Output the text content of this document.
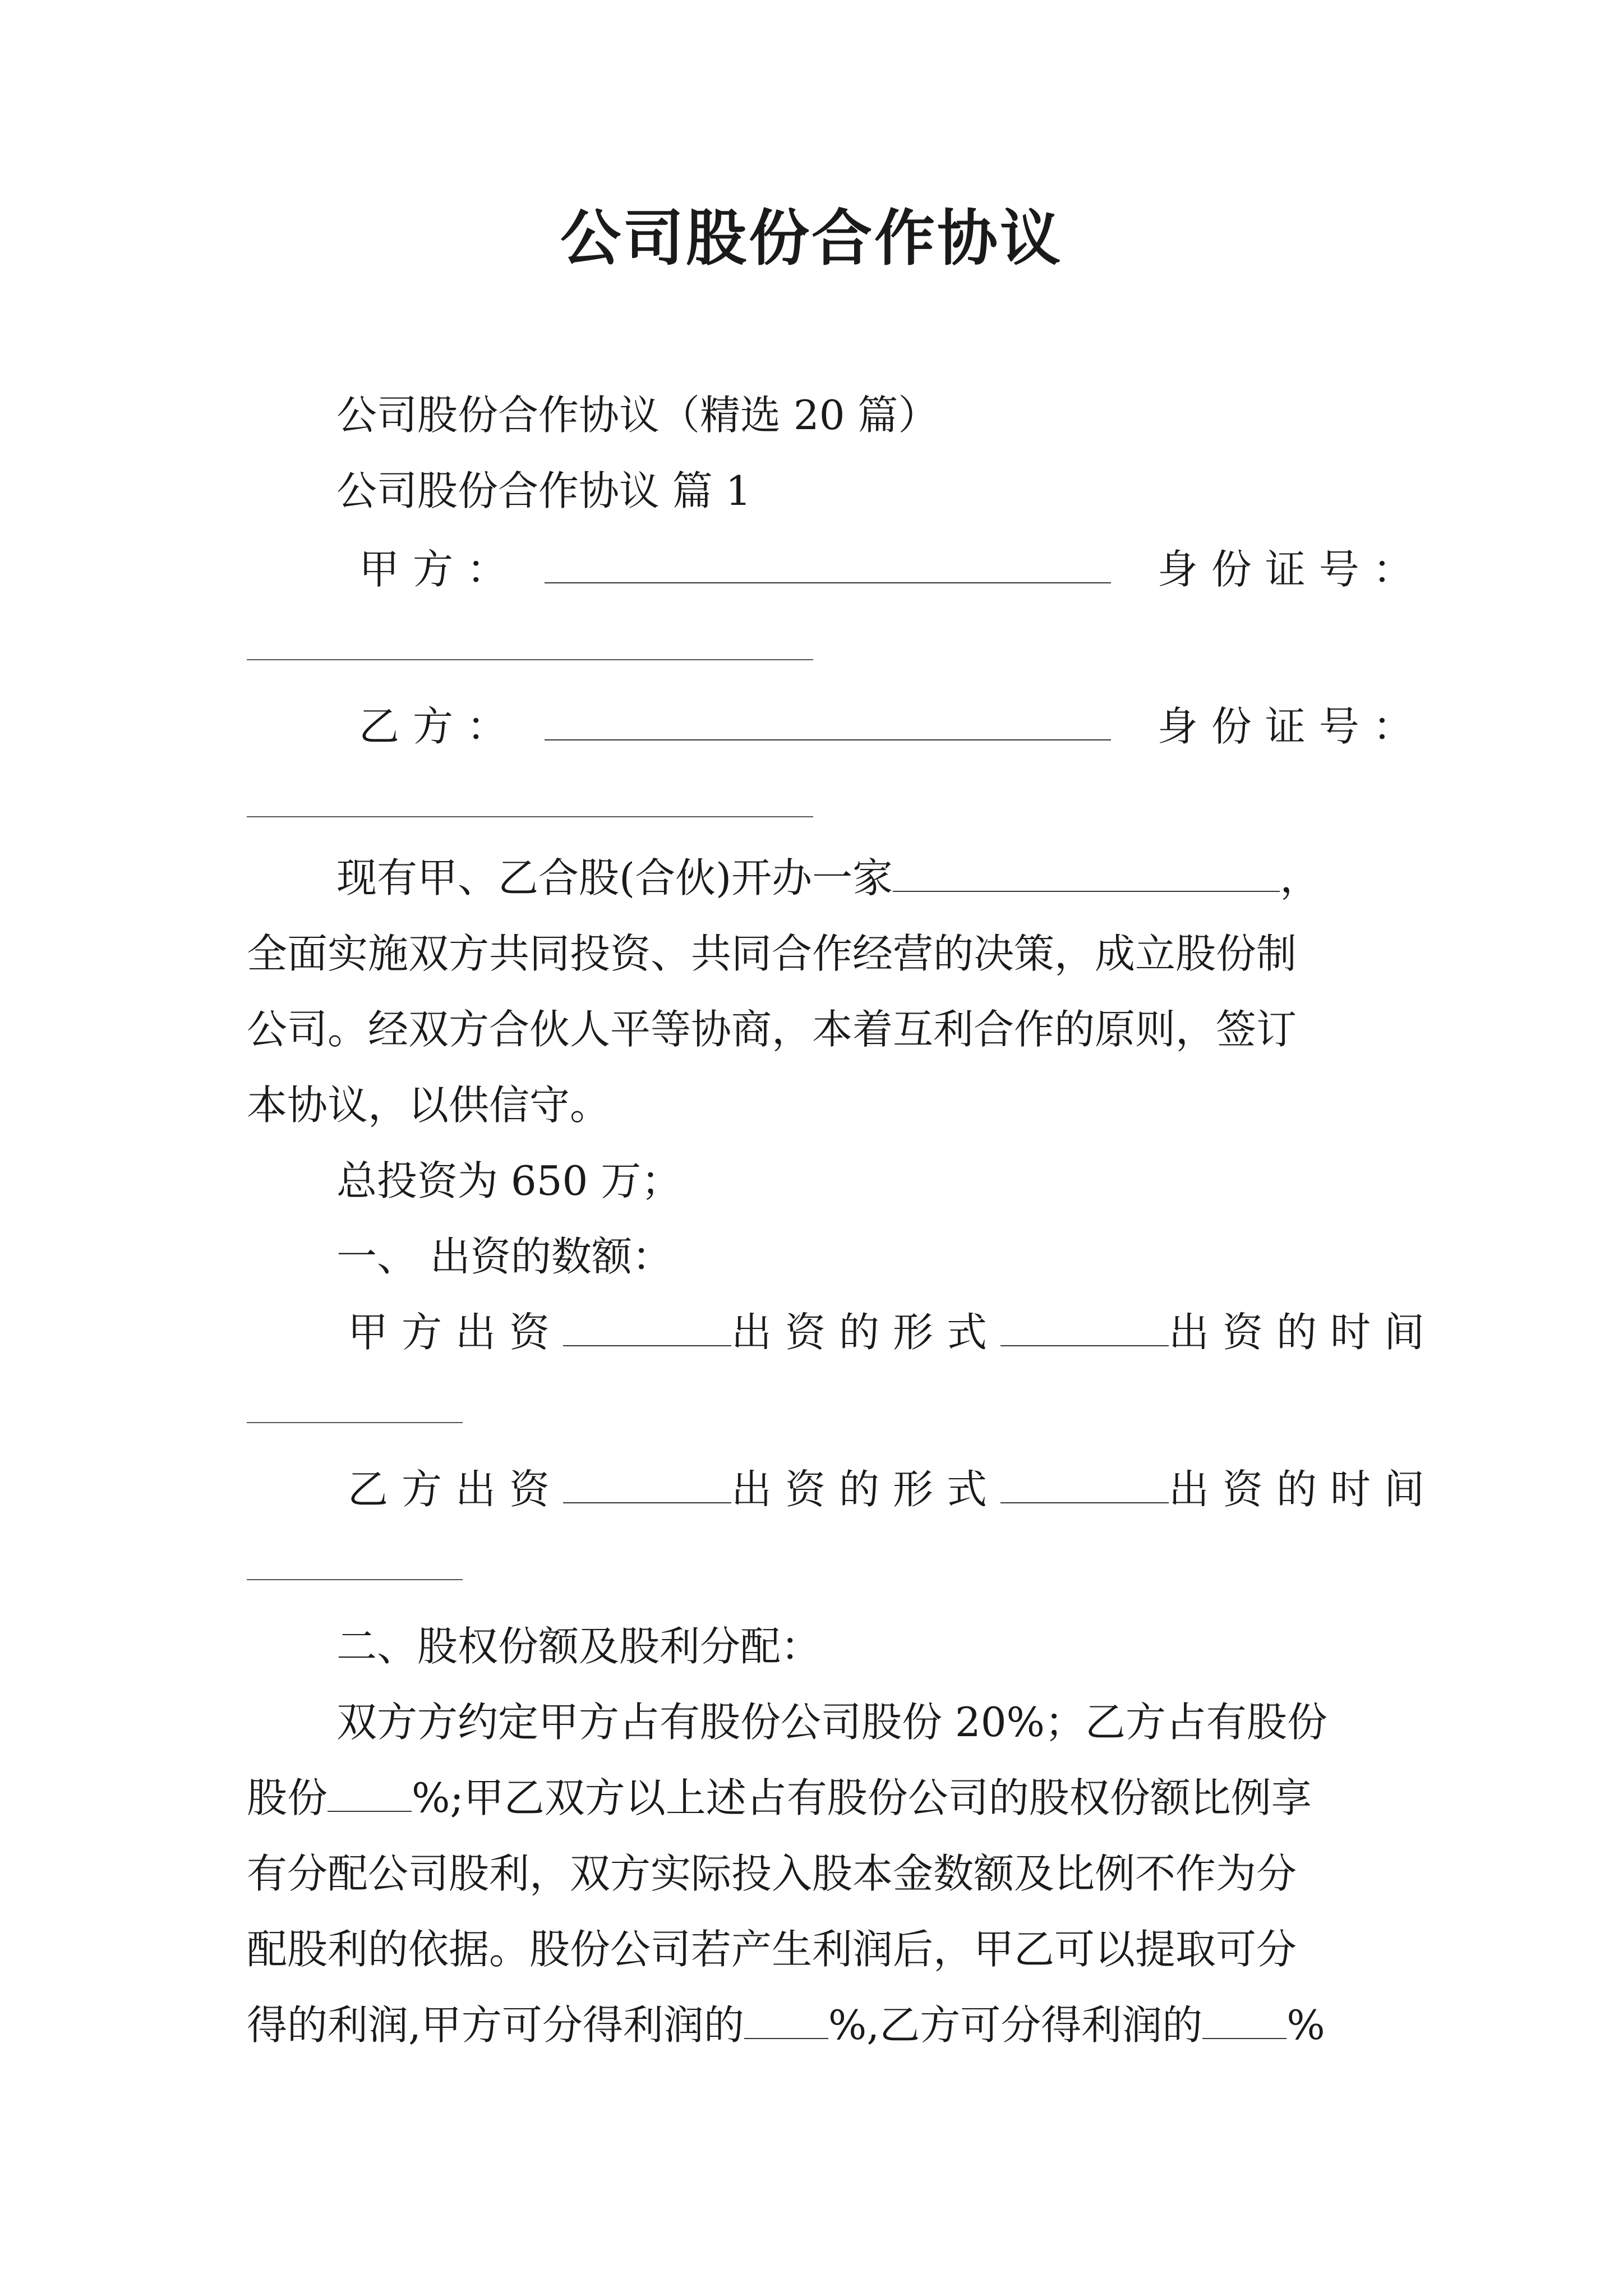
公司股份合作协议
公司股份合作协议（精选 20 篇）
公司股份合作协议 篇 1
甲方：	身份证号：
乙方：	身份证号：
现有甲、乙合股(合伙)开办一家	，
全面实施双方共同投资、共同合作经营的决策，成立股份制
公司。经双方合伙人平等协商，本着互利合作的原则，签订
本协议，以供信守。
总投资为 650 万；
一、 出资的数额：
甲方出资	出资的形式	出资的时间
乙方出资	出资的形式	出资的时间
二、股权份额及股利分配：
双方方约定甲方占有股份公司股份 20%；乙方占有股份
股份 %;甲乙双方以上述占有股份公司的股权份额比例享
有分配公司股利，双方实际投入股本金数额及比例不作为分
配股利的依据。股份公司若产生利润后，甲乙可以提取可分
得的利润,甲方可分得利润的 %,乙方可分得利润的 %
